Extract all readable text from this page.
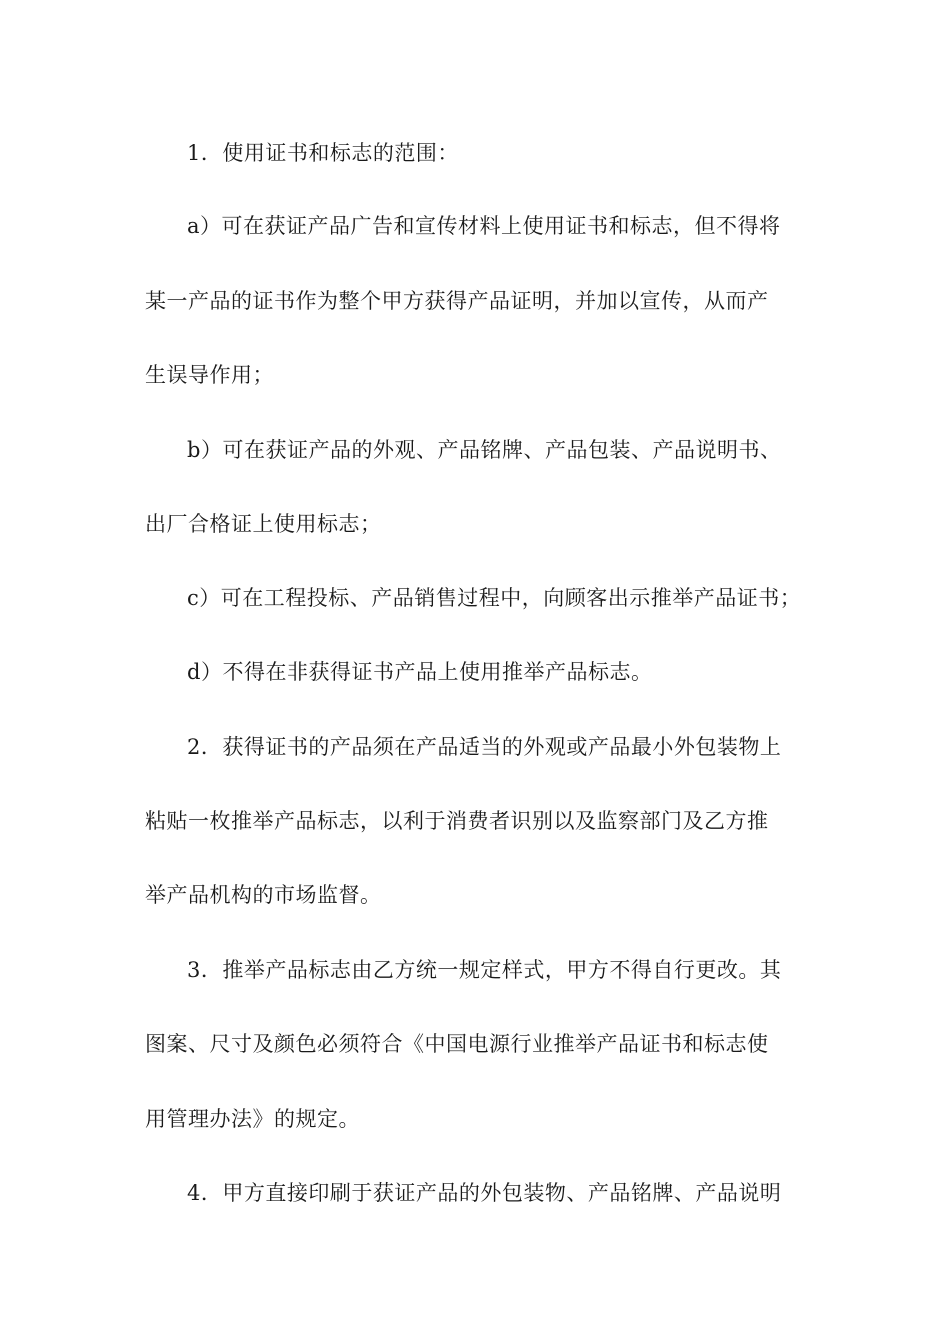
1．使用证书和标志的范围：
a）可在获证产品广告和宣传材料上使用证书和标志，但不得将
某一产品的证书作为整个甲方获得产品证明，并加以宣传，从而产
生误导作用；
b）可在获证产品的外观、产品铭牌、产品包装、产品说明书、
出厂合格证上使用标志；
c）可在工程投标、产品销售过程中，向顾客出示推举产品证书；
d）不得在非获得证书产品上使用推举产品标志。
2．获得证书的产品须在产品适当的外观或产品最小外包装物上
粘贴一枚推举产品标志，以利于消费者识别以及监察部门及乙方推
举产品机构的市场监督。
3．推举产品标志由乙方统一规定样式，甲方不得自行更改。其
图案、尺寸及颜色必须符合《中国电源行业推举产品证书和标志使
用管理办法》的规定。
4．甲方直接印刷于获证产品的外包装物、产品铭牌、产品说明
